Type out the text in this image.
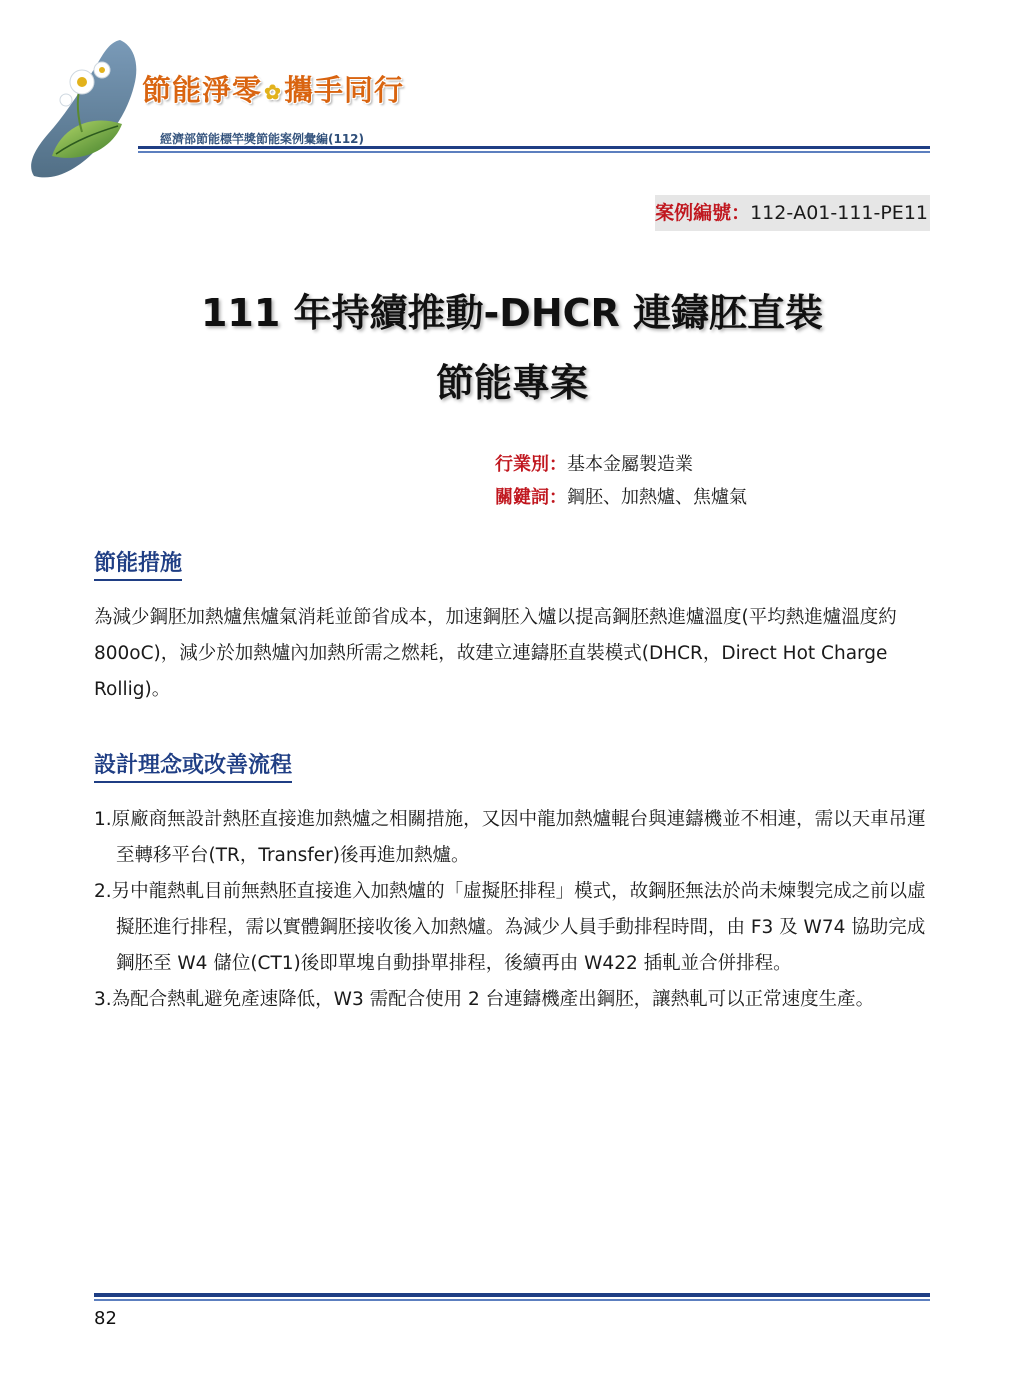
節能淨零 ✿攜手同行
經濟部節能標竿獎節能案例彙編(112)
案例編號：112-A01-111-PE11
111 年持續推動-DHCR 連鑄胚直裝
節能專案
行業別：基本金屬製造業
關鍵詞：鋼胚、加熱爐、焦爐氣
節能措施

為減少鋼胚加熱爐焦爐氣消耗並節省成本，加速鋼胚入爐以提高鋼胚熱進爐溫度(平均熱進爐溫度約 800oC)，減少於加熱爐內加熱所需之燃耗，故建立連鑄胚直裝模式(DHCR，Direct Hot Charge Rollig)。

設計理念或改善流程
1.原廠商無設計熱胚直接進加熱爐之相關措施，又因中龍加熱爐輥台與連鑄機並不相連，需以天車吊運至轉移平台(TR，Transfer)後再進加熱爐。
2.另中龍熱軋目前無熱胚直接進入加熱爐的「虛擬胚排程」模式，故鋼胚無法於尚未煉製完成之前以虛擬胚進行排程，需以實體鋼胚接收後入加熱爐。為減少人員手動排程時間，由 F3 及 W74 協助完成鋼胚至 W4 儲位(CT1)後即單塊自動掛單排程，後續再由 W422 插軋並合併排程。
3.為配合熱軋避免產速降低，W3 需配合使用 2 台連鑄機產出鋼胚，讓熱軋可以正常速度生產。
82
